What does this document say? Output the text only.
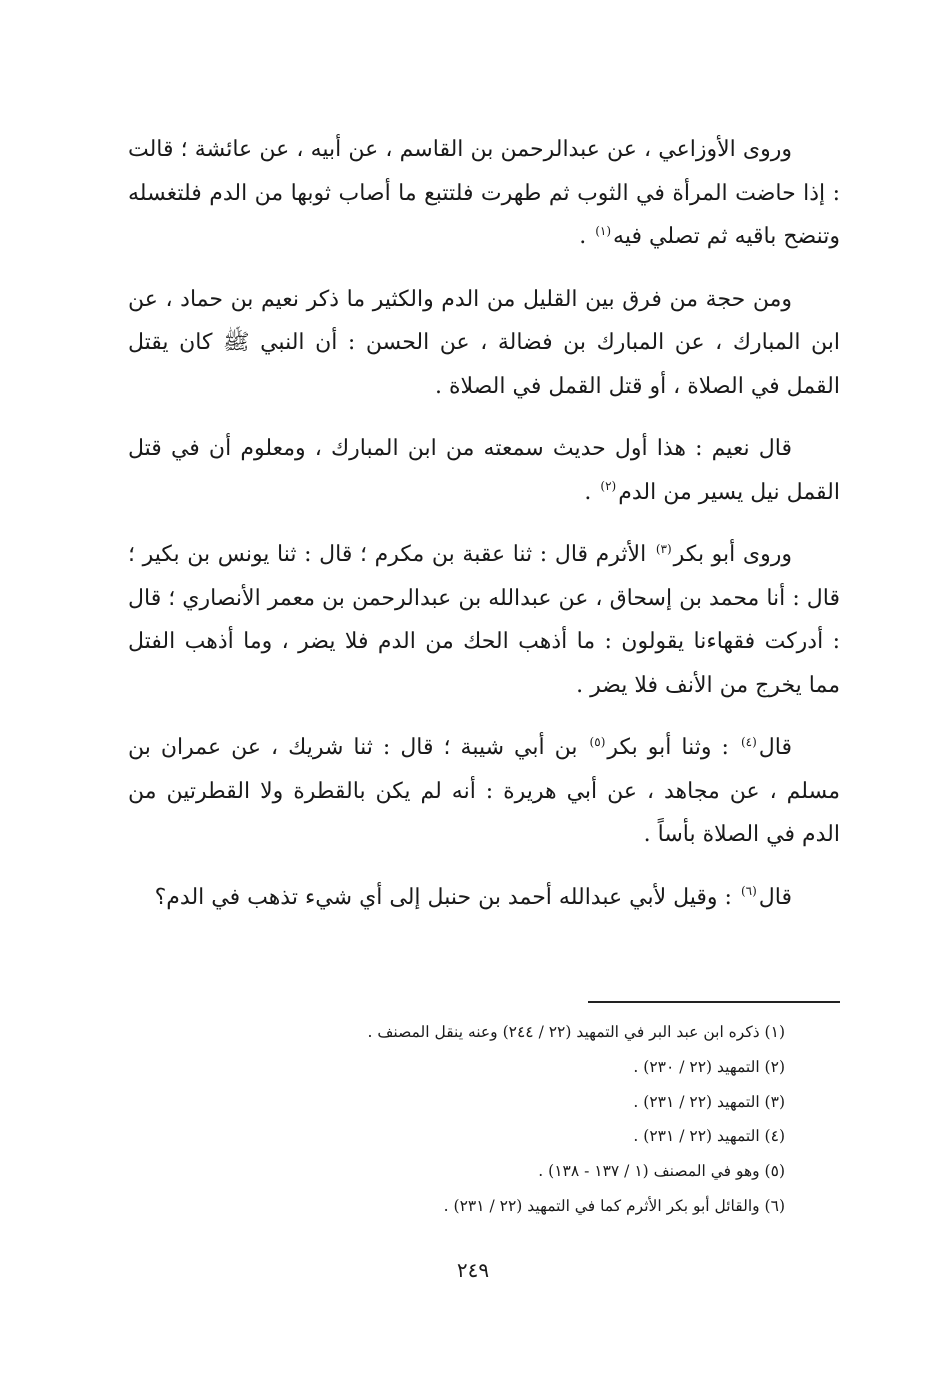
وروى الأوزاعي ، عن عبدالرحمن بن القاسم ، عن أبيه ، عن عائشة ؛ قالت : إذا حاضت المرأة في الثوب ثم طهرت فلتتبع ما أصاب ثوبها من الدم فلتغسله وتنضح باقيه ثم تصلي فيه$^{(١)}$ .

ومن حجة من فرق بين القليل من الدم والكثير ما ذكر نعيم بن حماد ، عن ابن المبارك ، عن المبارك بن فضالة ، عن الحسن : أن النبي ﷺ كان يقتل القمل في الصلاة ، أو قتل القمل في الصلاة .

قال نعيم : هذا أول حديث سمعته من ابن المبارك ، ومعلوم أن في قتل القمل نيل يسير من الدم$^{(٢)}$ .

وروى أبو بكر$^{(٣)}$ الأثرم قال : ثنا عقبة بن مكرم ؛ قال : ثنا يونس بن بكير ؛ قال : أنا محمد بن إسحاق ، عن عبدالله بن عبدالرحمن بن معمر الأنصاري ؛ قال : أدركت فقهاءنا يقولون : ما أذهب الحك من الدم فلا يضر ، وما أذهب الفتل مما يخرج من الأنف فلا يضر .

قال$^{(٤)}$ : وثنا أبو بكر$^{(٥)}$ بن أبي شيبة ؛ قال : ثنا شريك ، عن عمران بن مسلم ، عن مجاهد ، عن أبي هريرة : أنه لم يكن بالقطرة ولا القطرتين من الدم في الصلاة بأساً .

قال$^{(٦)}$ : وقيل لأبي عبدالله أحمد بن حنبل إلى أي شيء تذهب في الدم؟

(١) ذكره ابن عبد البر في التمهيد (٢٢ / ٢٤٤) وعنه ينقل المصنف .
(٢) التمهيد (٢٢ / ٢٣٠) .
(٣) التمهيد (٢٢ / ٢٣١) .
(٤) التمهيد (٢٢ / ٢٣١) .
(٥) وهو في المصنف (١ / ١٣٧ - ١٣٨) .
(٦) والقائل أبو بكر الأثرم كما في التمهيد (٢٢ / ٢٣١) .
٢٤٩
